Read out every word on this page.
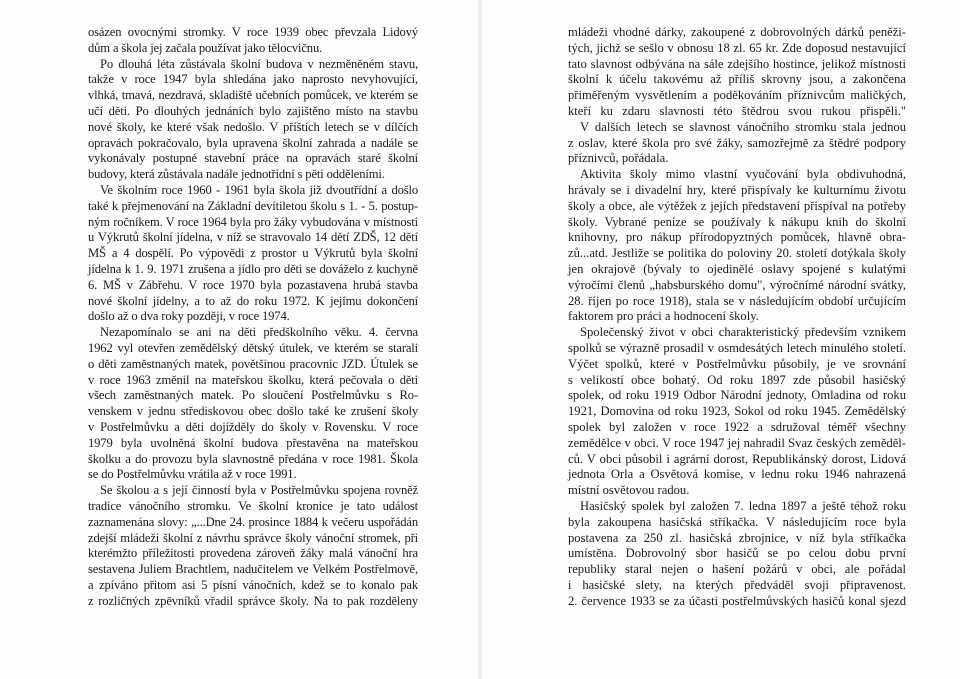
osázen ovocnými stromky. V roce 1939 obec převzala Lidový
dům a škola jej začala používat jako tělocvičnu.
Po dlouhá léta zůstávala školní budova v nezměněném stavu,
takže v roce 1947 byla shledána jako naprosto nevyhovující,
vlhká, tmavá, nezdravá, skladiště učebních pomůcek, ve kterém se
učí děti. Po dlouhých jednáních bylo zajištěno místo na stavbu
nové školy, ke které však nedošlo. V příštích letech se v dílčích
opravách pokračovalo, byla upravena školní zahrada a nadále se
vykonávaly postupné stavební práce na opravách staré školní
budovy, která zůstávala nadále jednotřídní s pěti odděleními.
Ve školním roce 1960 - 1961 byla škola již dvoutřídní a došlo
také k přejmenování na Základní devítiletou školu s 1. - 5. postup-
ným ročníkem. V roce 1964 byla pro žáky vybudována v místnosti
u Výkrutů školní jídelna, v níž se stravovalo 14 dětí ZDŠ, 12 dětí
MŠ a 4 dospělí. Po výpovědi z prostor u Výkrutů byla školní
jídelna k 1. 9. 1971 zrušena a jídlo pro děti se dováželo z kuchyně
6. MŠ v Zábřehu. V roce 1970 byla pozastavena hrubá stavba
nové školní jídelny, a to až do roku 1972. K jejímu dokončení
došlo až o dva roky později, v roce 1974.
Nezapomínalo se ani na děti předškolního věku. 4. června
1962 vyl otevřen zemědělský dětský útulek, ve kterém se starali
o děti zaměstnaných matek, povětšinou pracovnic JZD. Útulek se
v roce 1963 změnil na mateřskou školku, která pečovala o děti
všech zaměstnaných matek. Po sloučení Postřelmůvku s Ro-
venskem v jednu střediskovou obec došlo také ke zrušení školy
v Postřelmůvku a děti dojížděly do školy v Rovensku. V roce
1979 byla uvolněná školní budova přestavěna na mateřskou
školku a do provozu byla slavnostně předána v roce 1981. Škola
se do Postřelmůvku vrátila až v roce 1991.
Se školou a s její činností byla v Postřelmůvku spojena rovněž
tradice vánočního stromku. Ve školní kronice je tato událost
zaznamenána slovy: „...Dne 24. prosince 1884 k večeru uspořádán
zdejší mládeži školní z návrhu správce školy vánoční stromek, při
kterémžto příležitosti provedena zároveň žáky malá vánoční hra
sestavena Juliem Brachtlem, nadučitelem ve Velkém Postřelmově,
a zpíváno přitom asi 5 písní vánočních, kdež se to konalo pak
z rozličných zpěvníků vřadil správce školy. Na to pak rozděleny
mládeži vhodné dárky, zakoupené z dobrovolných dárků peněži-
tých, jichž se sešlo v obnosu 18 zl. 65 kr. Zde doposud nestavující
tato slavnost odbývána na sále zdejšího hostince, jelikož místnosti
školní k účelu takovému až příliš skrovny jsou, a zakončena
přiměřeným vysvětlením a poděkováním příznivcům maličkých,
kteří ku zdaru slavnosti této štědrou svou rukou přispěli."
V dalších letech se slavnost vánočního stromku stala jednou
z oslav, které škola pro své žáky, samozřejmě za štědré podpory
příznivců, pořádala.
Aktivita školy mimo vlastní vyučování byla obdivuhodná,
hrávaly se i divadelní hry, které přispívaly ke kulturnímu životu
školy a obce, ale výtěžek z jejích představení přispíval na potřeby
školy. Vybrané peníze se používaly k nákupu knih do školní
knihovny, pro nákup přírodopyztných pomůcek, hlavně obra-
zů...atd. Jestliže se politika do poloviny 20. století dotýkala školy
jen okrajově (bývaly to ojedinělé oslavy spojené s kulatými
výročími členů „habsburského domu", výročnímé národní svátky,
28. říjen po roce 1918), stala se v následujícím období určujícím
faktorem pro práci a hodnocení školy.
Společenský život v obci charakteristický především vznikem
spolků se výrazně prosadil v osmdesátých letech minulého století.
Výčet spolků, které v Postřelmůvku působily, je ve srovnání
s velikostí obce bohatý. Od roku 1897 zde působil hasičský
spolek, od roku 1919 Odbor Národní jednoty, Omladina od roku
1921, Domovina od roku 1923, Sokol od roku 1945. Zemědělský
spolek byl založen v roce 1922 a sdružoval téměř všechny
zemědělce v obci. V roce 1947 jej nahradil Svaz českých zeměděl-
ců. V obci působil i agrární dorost, Republikánský dorost, Lidová
jednota Orla a Osvětová komise, v lednu roku 1946 nahrazená
místní osvětovou radou.
Hasičský spolek byl založen 7. ledna 1897 a ještě téhož roku
byla zakoupena hasičská stříkačka. V následujícím roce byla
postavena za 250 zl. hasičská zbrojnice, v níž byla stříkačka
umístěna. Dobrovolný sbor hasičů se po celou dobu první
republiky staral nejen o hašení požárů v obci, ale pořádal
i hasičské slety, na kterých předváděl svoji připravenost.
2. července 1933 se za účasti postřelmůvských hasičů konal sjezd
